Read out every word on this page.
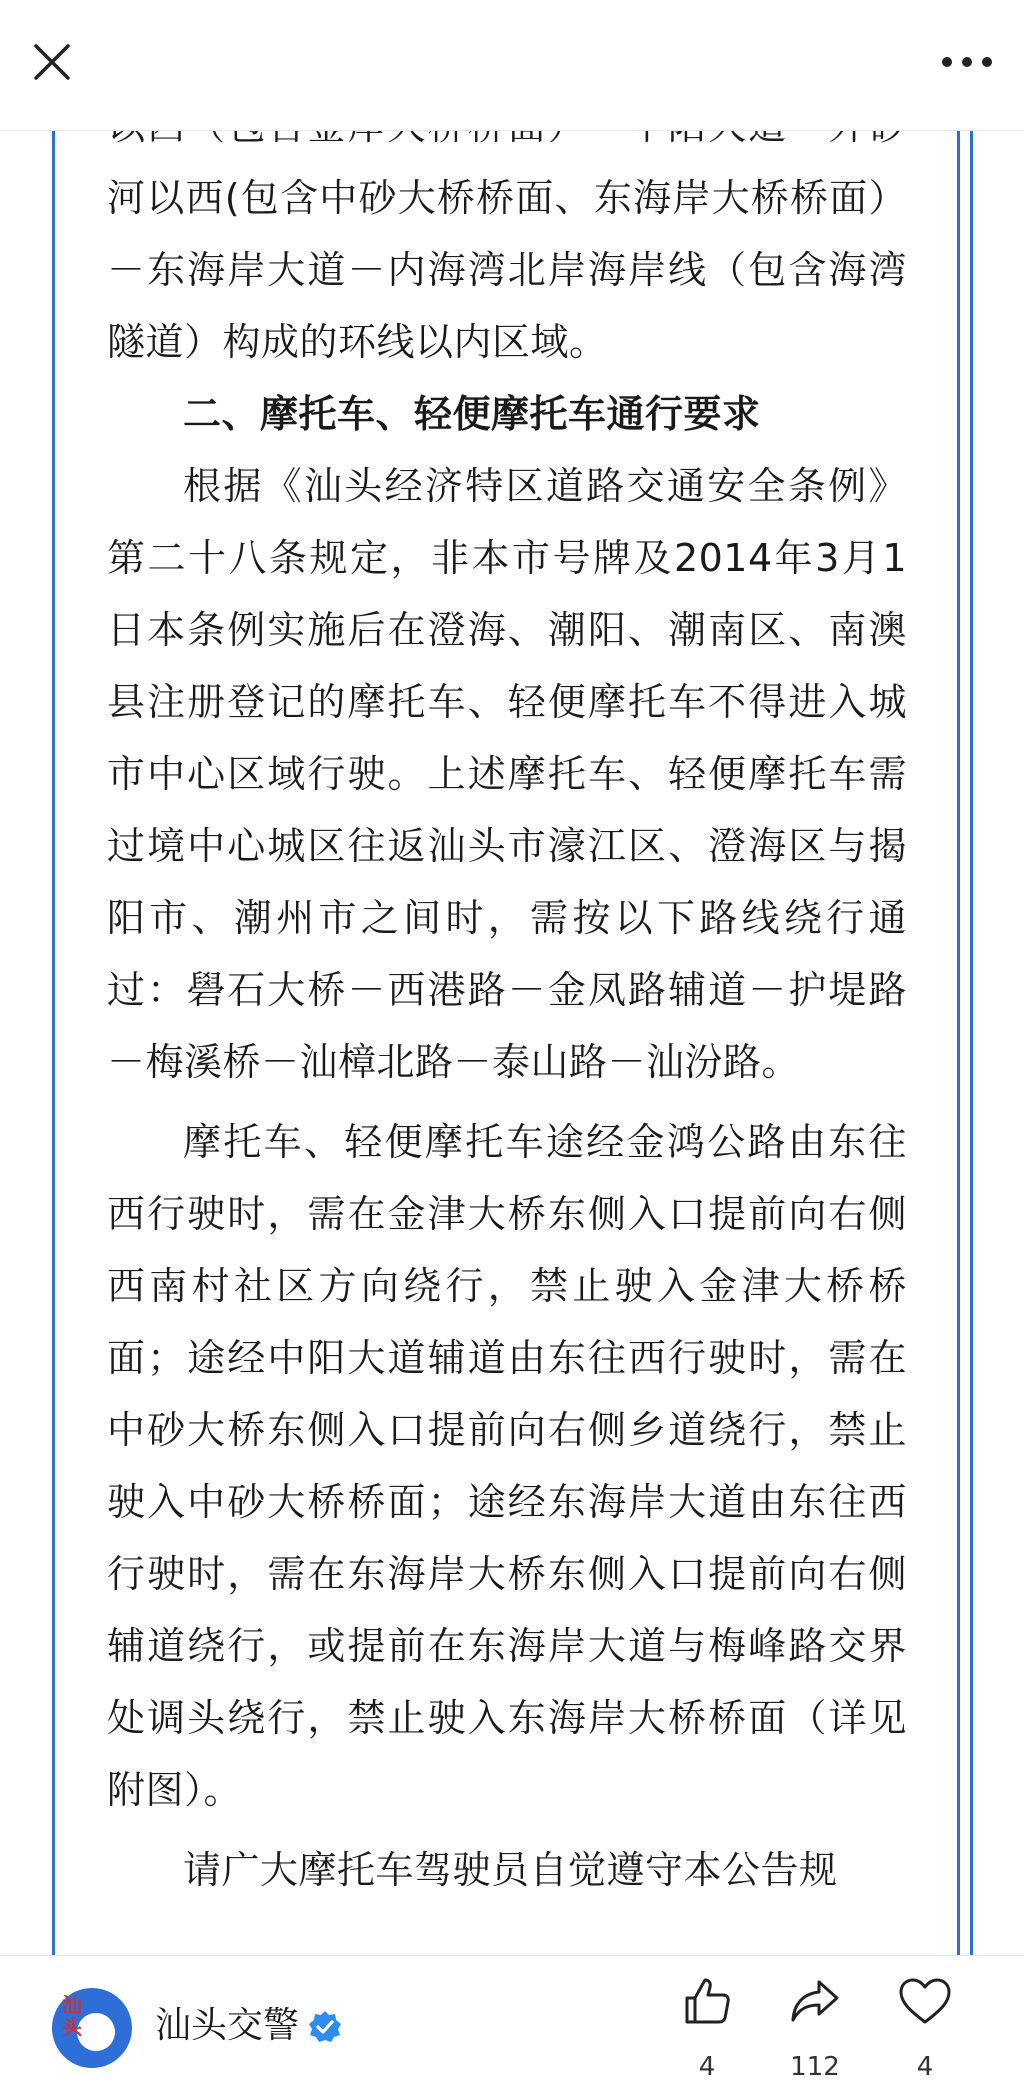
河以西(包含中砂大桥桥面、东海岸大桥桥面）－东海岸大道－内海湾北岸海岸线（包含海湾隧道）构成的环线以内区域。

二、摩托车、轻便摩托车通行要求

根据《汕头经济特区道路交通安全条例》第二十八条规定，非本市号牌及2014年3月1日本条例实施后在澄海、潮阳、潮南区、南澳县注册登记的摩托车、轻便摩托车不得进入城市中心区域行驶。上述摩托车、轻便摩托车需过境中心城区往返汕头市濠江区、澄海区与揭阳市、潮州市之间时，需按以下路线绕行通过：礐石大桥－西港路－金凤路辅道－护堤路－梅溪桥－汕樟北路－泰山路－汕汾路。

摩托车、轻便摩托车途经金鸿公路由东往西行驶时，需在金津大桥东侧入口提前向右侧西南村社区方向绕行，禁止驶入金津大桥桥面；途经中阳大道辅道由东往西行驶时，需在中砂大桥东侧入口提前向右侧乡道绕行，禁止驶入中砂大桥桥面；途经东海岸大道由东往西行驶时，需在东海岸大桥东侧入口提前向右侧辅道绕行，或提前在东海岸大道与梅峰路交界处调头绕行，禁止驶入东海岸大桥桥面（详见附图）。

请广大摩托车驾驶员自觉遵守本公告规

汕头 汕头交警
4	112	4
